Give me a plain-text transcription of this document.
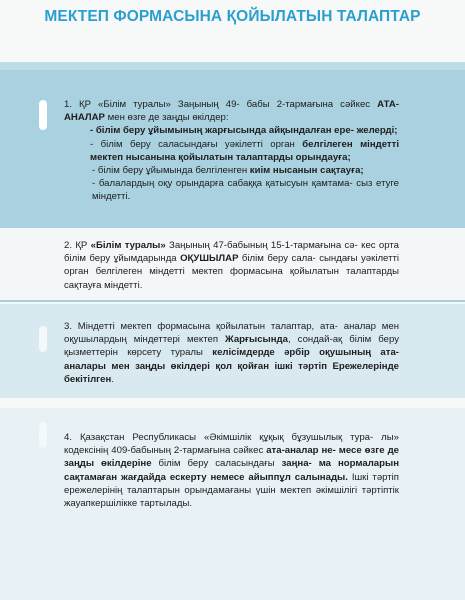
МЕКТЕП ФОРМАСЫНА ҚОЙЫЛАТЫН ТАЛАПТАР

1. ҚР «Білім туралы» Заңының 49- бабы 2-тармағына сәйкес АТА-АНАЛАР мен өзге де заңды өкілдер:

- білім беру ұйымының жарғысында айқындалған ере- желерді;

- білім беру саласындағы уәкілетті орган белгілеген міндетті мектеп нысанына қойылатын талаптарды орындауға;

- білім беру ұйымында белгіленген киім нысанын сақтауға;

- балалардың оқу орындарға сабаққа қатысуын қамтама- сыз етуге міндетті.

2. ҚР «Білім туралы» Заңының 47-бабының 15-1-тармағына сә- кес орта білім беру ұйымдарында ОҚУШЫЛАР білім беру сала- сындағы уәкілетті орган белгілеген міндетті мектеп формасына қойылатын талаптарды сақтауға міндетті.

3. Міндетті мектеп формасына қойылатын талаптар, ата- аналар мен оқушылардың міндеттері мектеп Жарғысында, сондай-ақ білім беру қызметтерін көрсету туралы келісімдерде әрбір оқушының ата-аналары мен заңды өкілдері қол қойған ішкі тәртіп Ережелерінде бекітілген.

4. Қазақстан Республикасы «Әкімшілік құқық бұзушылық тура- лы» кодексінің 409-бабының 2-тармағына сәйкес ата-аналар не- месе өзге де заңды өкілдеріне білім беру саласындағы заңна- ма нормаларын сақтамаған жағдайда ескерту немесе айыппұл салынады. Ішкі тәртіп ережелерінің талаптарын орындамағаны үшін мектеп әкімшілігі тәртіптік жауапкершілікке тартылады.
